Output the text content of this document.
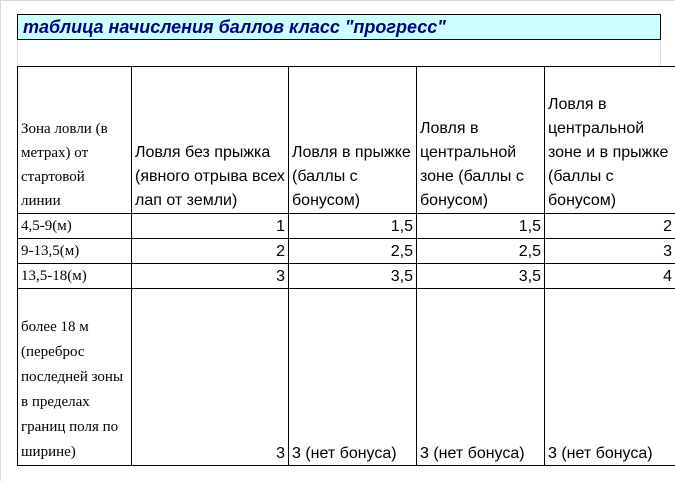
таблица начисления баллов класс "прогресс"
Зона ловли (в метрах) от стартовой линии	Ловля без прыжка (явного отрыва всех лап от земли)	Ловля в прыжке (баллы с бонусом)	Ловля в центральной зоне (баллы с бонусом)	Ловля в центральной зоне и в прыжке (баллы с бонусом)
4,5-9(м)	1	1,5	1,5	2
9-13,5(м)	2	2,5	2,5	3
13,5-18(м)	3	3,5	3,5	4
более 18 м (переброс последней зоны в пределах границ поля по ширине)	3	3 (нет бонуса)	3 (нет бонуса)	3 (нет бонуса)
